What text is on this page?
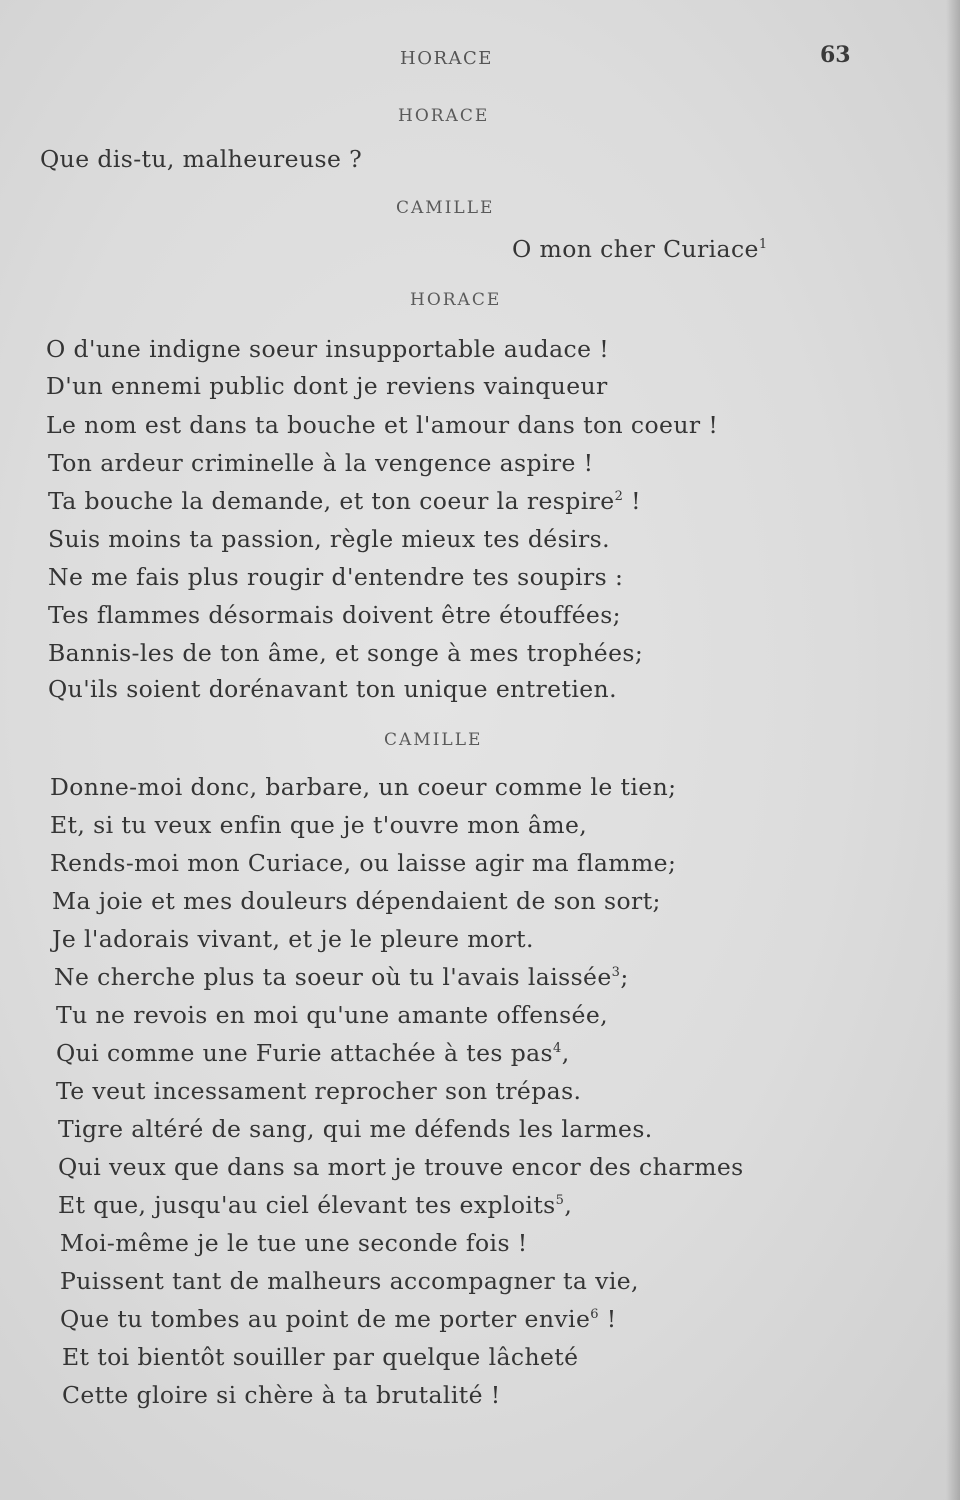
HORACE	63
HORACE
Que dis-tu, malheureuse ?
CAMILLE
O mon cher Curiace$^1$
HORACE
O d'une indigne soeur insupportable audace !
D'un ennemi public dont je reviens vainqueur
Le nom est dans ta bouche et l'amour dans ton coeur !
Ton ardeur criminelle à la vengence aspire !
Ta bouche la demande, et ton coeur la respire$^2$ !
Suis moins ta passion, règle mieux tes désirs.
Ne me fais plus rougir d'entendre tes soupirs :
Tes flammes désormais doivent être étouffées;
Bannis-les de ton âme, et songe à mes trophées;
Qu'ils soient dorénavant ton unique entretien.
CAMILLE
Donne-moi donc, barbare, un coeur comme le tien;
Et, si tu veux enfin que je t'ouvre mon âme,
Rends-moi mon Curiace, ou laisse agir ma flamme;
Ma joie et mes douleurs dépendaient de son sort;
Je l'adorais vivant, et je le pleure mort.
Ne cherche plus ta soeur où tu l'avais laissée$^3$;
Tu ne revois en moi qu'une amante offensée,
Qui comme une Furie attachée à tes pas$^4$,
Te veut incessament reprocher son trépas.
Tigre altéré de sang, qui me défends les larmes.
Qui veux que dans sa mort je trouve encor des charmes
Et que, jusqu'au ciel élevant tes exploits$^5$,
Moi-même je le tue une seconde fois !
Puissent tant de malheurs accompagner ta vie,
Que tu tombes au point de me porter envie$^6$ !
Et toi bientôt souiller par quelque lâcheté
Cette gloire si chère à ta brutalité !
